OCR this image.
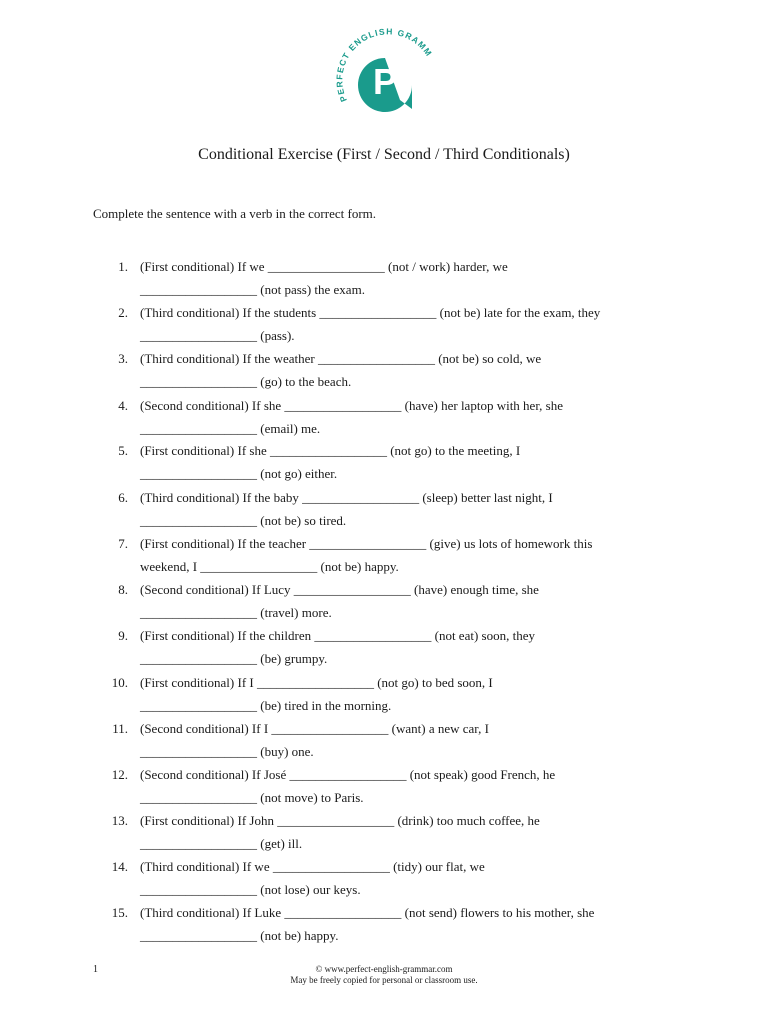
PERFECT ENGLISH GRAMM
P
Conditional Exercise (First / Second / Third Conditionals)

Complete the sentence with a verb in the correct form.

1. (First conditional) If we __________________ (not / work) harder, we
__________________ (not pass) the exam.
2. (Third conditional) If the students __________________ (not be) late for the exam, they
__________________ (pass).
3. (Third conditional) If the weather __________________ (not be) so cold, we
__________________ (go) to the beach.
4. (Second conditional) If she __________________ (have) her laptop with her, she
__________________ (email) me.
5. (First conditional) If she __________________ (not go) to the meeting, I
__________________ (not go) either.
6. (Third conditional) If the baby __________________ (sleep) better last night, I
__________________ (not be) so tired.
7. (First conditional) If the teacher __________________ (give) us lots of homework this
weekend, I __________________ (not be) happy.
8. (Second conditional) If Lucy __________________ (have) enough time, she
__________________ (travel) more.
9. (First conditional) If the children __________________ (not eat) soon, they
__________________ (be) grumpy.
10. (First conditional) If I __________________ (not go) to bed soon, I
__________________ (be) tired in the morning.
11. (Second conditional) If I __________________ (want) a new car, I
__________________ (buy) one.
12. (Second conditional) If José __________________ (not speak) good French, he
__________________ (not move) to Paris.
13. (First conditional) If John __________________ (drink) too much coffee, he
__________________ (get) ill.
14. (Third conditional) If we __________________ (tidy) our flat, we
__________________ (not lose) our keys.
15. (Third conditional) If Luke __________________ (not send) flowers to his mother, she
__________________ (not be) happy.
1	© www.perfect-english-grammar.com
May be freely copied for personal or classroom use.
